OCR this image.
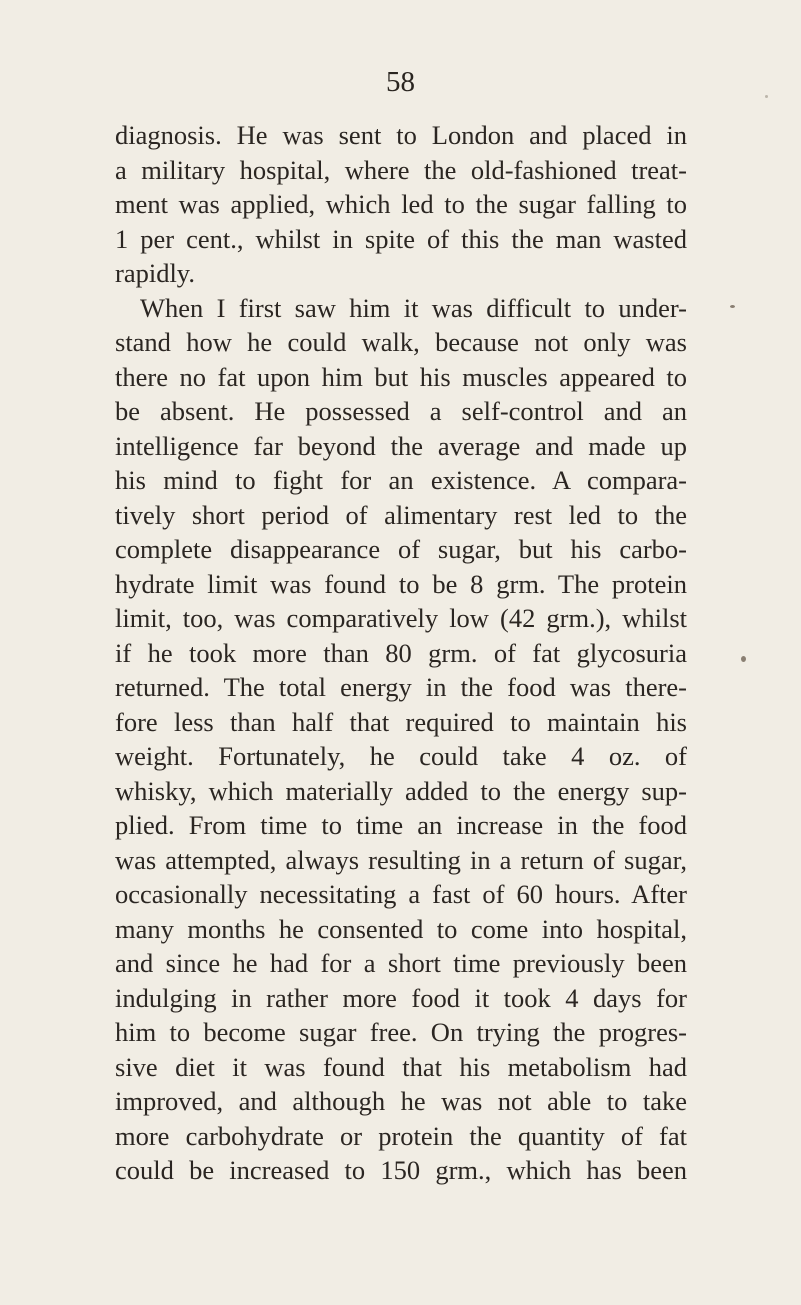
58
diagnosis. He was sent to London and placed in
a military hospital, where the old-fashioned treat-
ment was applied, which led to the sugar falling to
1 per cent., whilst in spite of this the man wasted
rapidly.
When I first saw him it was difficult to under-
stand how he could walk, because not only was
there no fat upon him but his muscles appeared to
be absent. He possessed a self-control and an
intelligence far beyond the average and made up
his mind to fight for an existence. A compara-
tively short period of alimentary rest led to the
complete disappearance of sugar, but his carbo-
hydrate limit was found to be 8 grm. The protein
limit, too, was comparatively low (42 grm.), whilst
if he took more than 80 grm. of fat glycosuria
returned. The total energy in the food was there-
fore less than half that required to maintain his
weight. Fortunately, he could take 4 oz. of
whisky, which materially added to the energy sup-
plied. From time to time an increase in the food
was attempted, always resulting in a return of sugar,
occasionally necessitating a fast of 60 hours. After
many months he consented to come into hospital,
and since he had for a short time previously been
indulging in rather more food it took 4 days for
him to become sugar free. On trying the progres-
sive diet it was found that his metabolism had
improved, and although he was not able to take
more carbohydrate or protein the quantity of fat
could be increased to 150 grm., which has been
